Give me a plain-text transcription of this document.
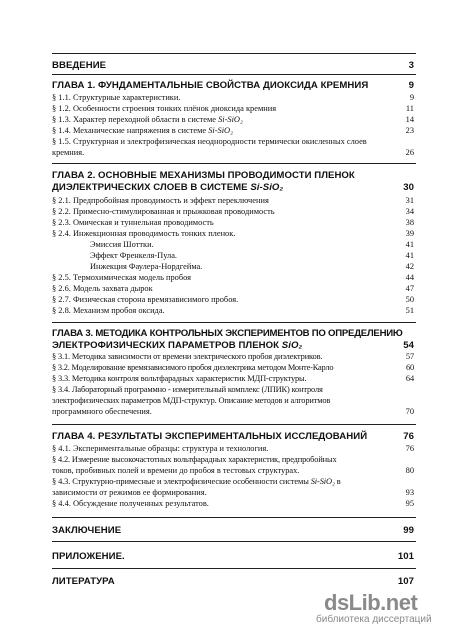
ВВЕДЕНИЕ	3
ГЛАВА 1. ФУНДАМЕНТАЛЬНЫЕ СВОЙСТВА ДИОКСИДА КРЕМНИЯ	9
§ 1.1. Структурные характеристики.	9
§ 1.2. Особенности строения тонких плёнок диоксида кремния	11
§ 1.3. Характер переходной области в системе Si-SiO₂	14
§ 1.4. Механические напряжения в системе Si-SiO₂	23
§ 1.5. Структурная и электрофизическая неоднородности термически окисленных слоев
кремния.	26
ГЛАВА 2. ОСНОВНЫЕ МЕХАНИЗМЫ ПРОВОДИМОСТИ ПЛЕНОК
ДИЭЛЕКТРИЧЕСКИХ СЛОЕВ В СИСТЕМЕ Si-SiO₂	30
§ 2.1. Предпробойная проводимость и эффект переключения	31
§ 2.2. Примесно-стимулированная и прыжковая проводимость	34
§ 2.3. Омическая и туннельная проводимость	38
§ 2.4. Инжекционная проводимость тонких пленок.	39
Эмиссия Шоттки.	41
Эффект Френкеля-Пула.	41
Инжекция Фаулера-Нордгейма.	42
§ 2.5. Термохимическая модель пробоя	44
§ 2.6. Модель захвата дырок	47
§ 2.7. Физическая сторона времязависимого пробоя.	50
§ 2.8. Механизм пробоя оксида.	51
ГЛАВА 3. МЕТОДИКА КОНТРОЛЬНЫХ ЭКСПЕРИМЕНТОВ ПО ОПРЕДЕЛЕНИЮ
ЭЛЕКТРОФИЗИЧЕСКИХ ПАРАМЕТРОВ ПЛЕНОК SiO₂	54
§ 3.1. Методика зависимости от времени электрического пробоя диэлектриков.	57
§ 3.2. Моделирование времязависимого пробоя диэлектрика методом Монте-Карло	60
§ 3.3. Методика контроля вольтфарадных характеристик МДП-структуры.	64
§ 3.4. Лабораторный программно - измерительный комплекс (ЛПИК) контроля
электрофизических параметров МДП-структур. Описание методов и алгоритмов
программного обеспечения.	70
ГЛАВА 4. РЕЗУЛЬТАТЫ ЭКСПЕРИМЕНТАЛЬНЫХ ИССЛЕДОВАНИЙ	76
§ 4.1. Экспериментальные образцы: структура и технология.	76
§ 4.2. Измерение высокочастотных вольтфарадных характеристик, предпробойных
токов, пробивных полей и времени до пробоя в тестовых структурах.	80
§ 4.3. Структурно-примесные и электрофизические особенности системы Si-SiO₂ в
зависимости от режимов ее формирования.	93
§ 4.4. Обсуждение полученных результатов.	95
ЗАКЛЮЧЕНИЕ	99
ПРИЛОЖЕНИЕ.	101
ЛИТЕРАТУРА	107
dsLib.net
библиотека диссертаций
